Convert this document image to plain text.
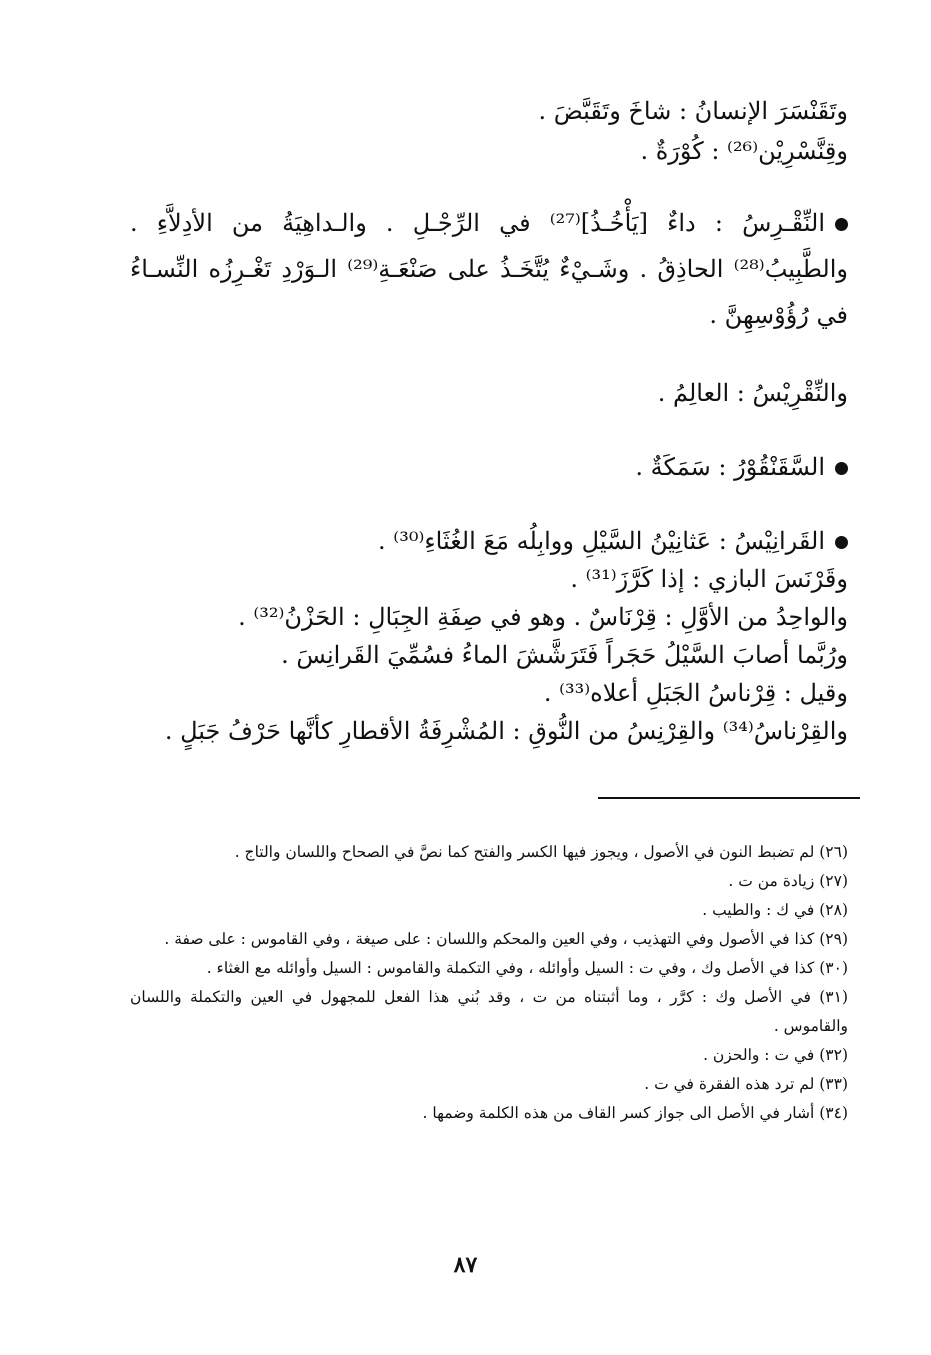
وتَقَنْسَرَ الإنسانُ : شاخَ وتَقَبَّضَ .

وقِنَّسْرِيْن⁽²⁶⁾ : كُوْرَةٌ .

النِّقْـرِسُ : داءٌ [يَأْخُـذُ]⁽²⁷⁾ في الرِّجْـلِ . والـداهِيَةُ من الأدِلاَّءِ . والطَّبِيبُ⁽²⁸⁾ الحاذِقُ . وشَـيْءٌ يُتَّخَـذُ على صَنْعَـةِ⁽²⁹⁾ الـوَرْدِ تَغْـرِزُه النِّسـاءُ في رُؤُوْسِهِنَّ .

والنِّقْرِيْسُ : العالِمُ .

السَّقَنْقُوْرُ : سَمَكَةٌ .

القَرانِيْسُ : عَثانِيْنُ السَّيْلِ ووابِلُه مَعَ الغُثَاءِ⁽³⁰⁾ .

وقَرْنَسَ البازي : إذا كَرَّزَ⁽³¹⁾ .

والواحِدُ من الأوَّلِ : قِرْنَاسٌ . وهو في صِفَةِ الجِبَالِ : الحَزْنُ⁽³²⁾ .

ورُبَّما أصابَ السَّيْلُ حَجَراً فَتَرَشَّشَ الماءُ فسُمِّيَ القَرانِسَ .

وقيل : قِرْناسُ الجَبَلِ أعلاه⁽³³⁾ .

والقِرْناسُ⁽³⁴⁾ والقِرْنِسُ من النُّوقِ : المُشْرِفَةُ الأقطارِ كأنَّها حَرْفُ جَبَلٍ .

(٢٦) لم تضبط النون في الأصول ، ويجوز فيها الكسر والفتح كما نصَّ في الصحاح واللسان والتاج .

(٢٧) زيادة من ت .

(٢٨) في ك : والطيب .

(٢٩) كذا في الأصول وفي التهذيب ، وفي العين والمحكم واللسان : على صيغة ، وفي القاموس : على صفة .

(٣٠) كذا في الأصل وك ، وفي ت : السيل وأوائله ، وفي التكملة والقاموس : السيل وأوائله مع الغثاء .

(٣١) في الأصل وك : كرَّر ، وما أثبتناه من ت ، وقد بُني هذا الفعل للمجهول في العين والتكملة واللسان والقاموس .

(٣٢) في ت : والحزن .

(٣٣) لم ترد هذه الفقرة في ت .

(٣٤) أشار في الأصل الى جواز كسر القاف من هذه الكلمة وضمها .

٨٧
